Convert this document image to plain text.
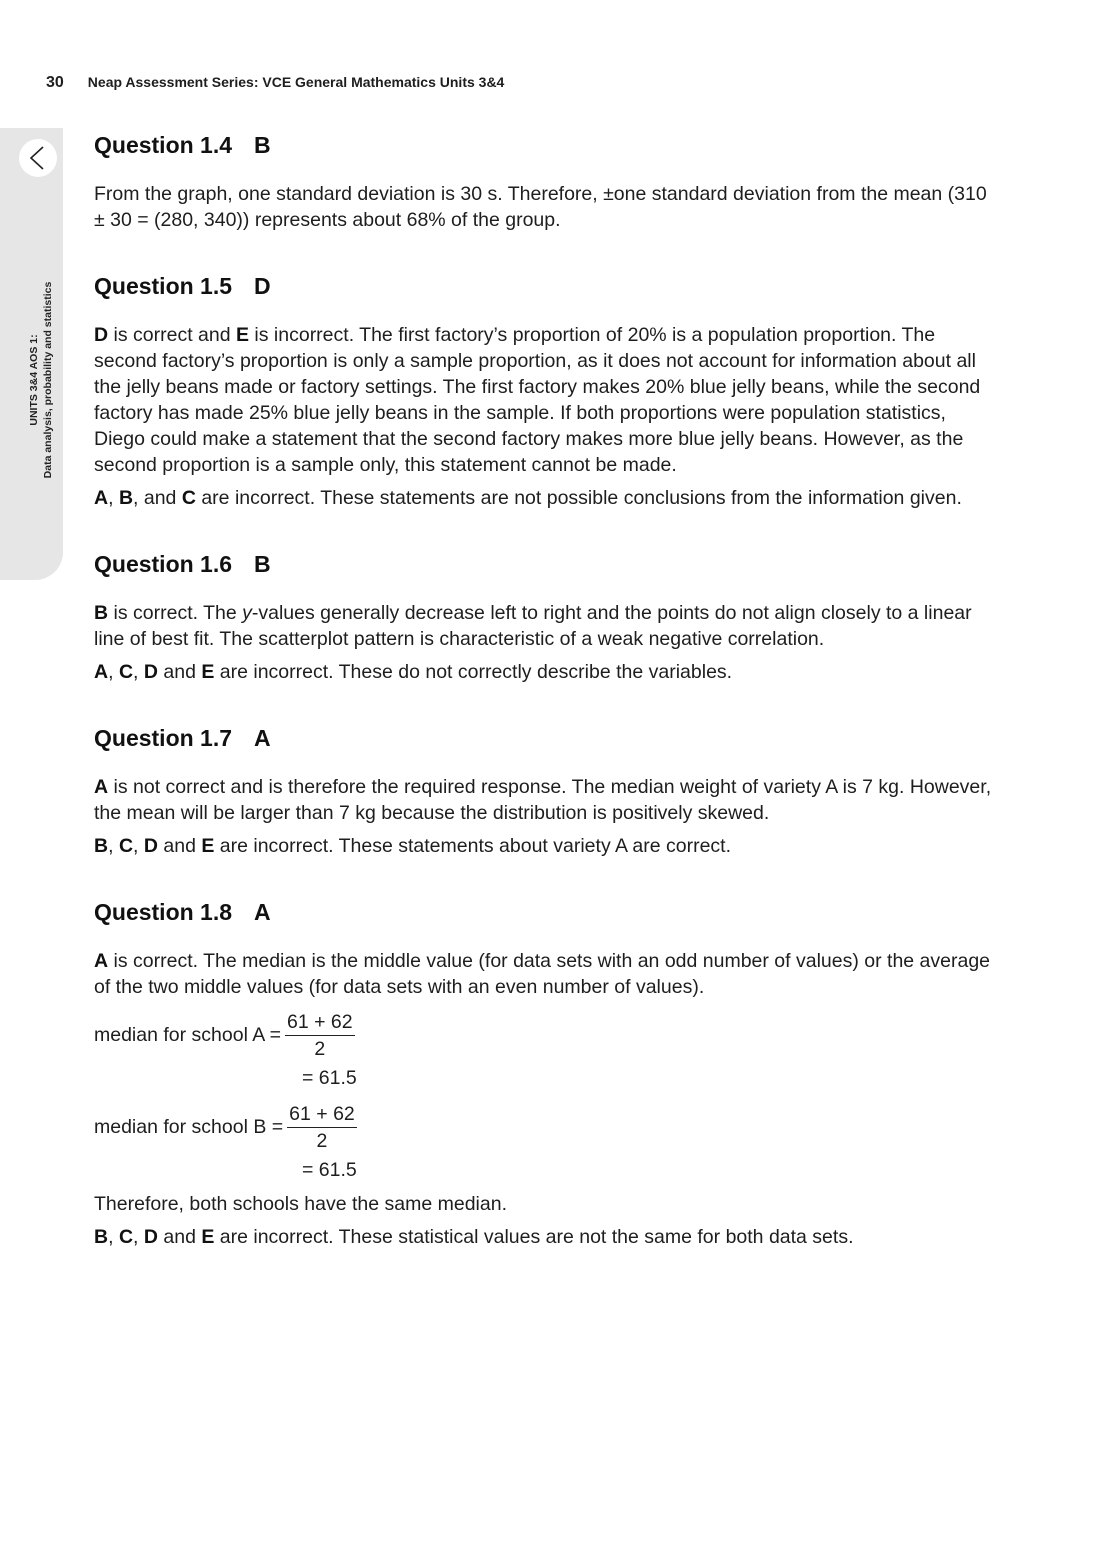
30 Neap Assessment Series: VCE General Mathematics Units 3&4
UNITS 3&4 AOS 1: Data analysis, probability and statistics
Question 1.4 B

From the graph, one standard deviation is 30 s. Therefore, ±one standard deviation from the mean (310 ± 30 = (280, 340)) represents about 68% of the group.

Question 1.5 D

D is correct and E is incorrect. The first factory’s proportion of 20% is a population proportion. The second factory’s proportion is only a sample proportion, as it does not account for information about all the jelly beans made or factory settings. The first factory makes 20% blue jelly beans, while the second factory has made 25% blue jelly beans in the sample. If both proportions were population statistics, Diego could make a statement that the second factory makes more blue jelly beans. However, as the second proportion is a sample only, this statement cannot be made.

A, B, and C are incorrect. These statements are not possible conclusions from the information given.

Question 1.6 B

B is correct. The y-values generally decrease left to right and the points do not align closely to a linear line of best fit. The scatterplot pattern is characteristic of a weak negative correlation.

A, C, D and E are incorrect. These do not correctly describe the variables.

Question 1.7 A

A is not correct and is therefore the required response. The median weight of variety A is 7 kg. However, the mean will be larger than 7 kg because the distribution is positively skewed.

B, C, D and E are incorrect. These statements about variety A are correct.

Question 1.8 A

A is correct. The median is the middle value (for data sets with an odd number of values) or the average of the two middle values (for data sets with an even number of values).

median for school $A = \frac{61 + 62}{2}$
= 61.5
median for school $B = \frac{61 + 62}{2}$
= 61.5

Therefore, both schools have the same median.

B, C, D and E are incorrect. These statistical values are not the same for both data sets.
